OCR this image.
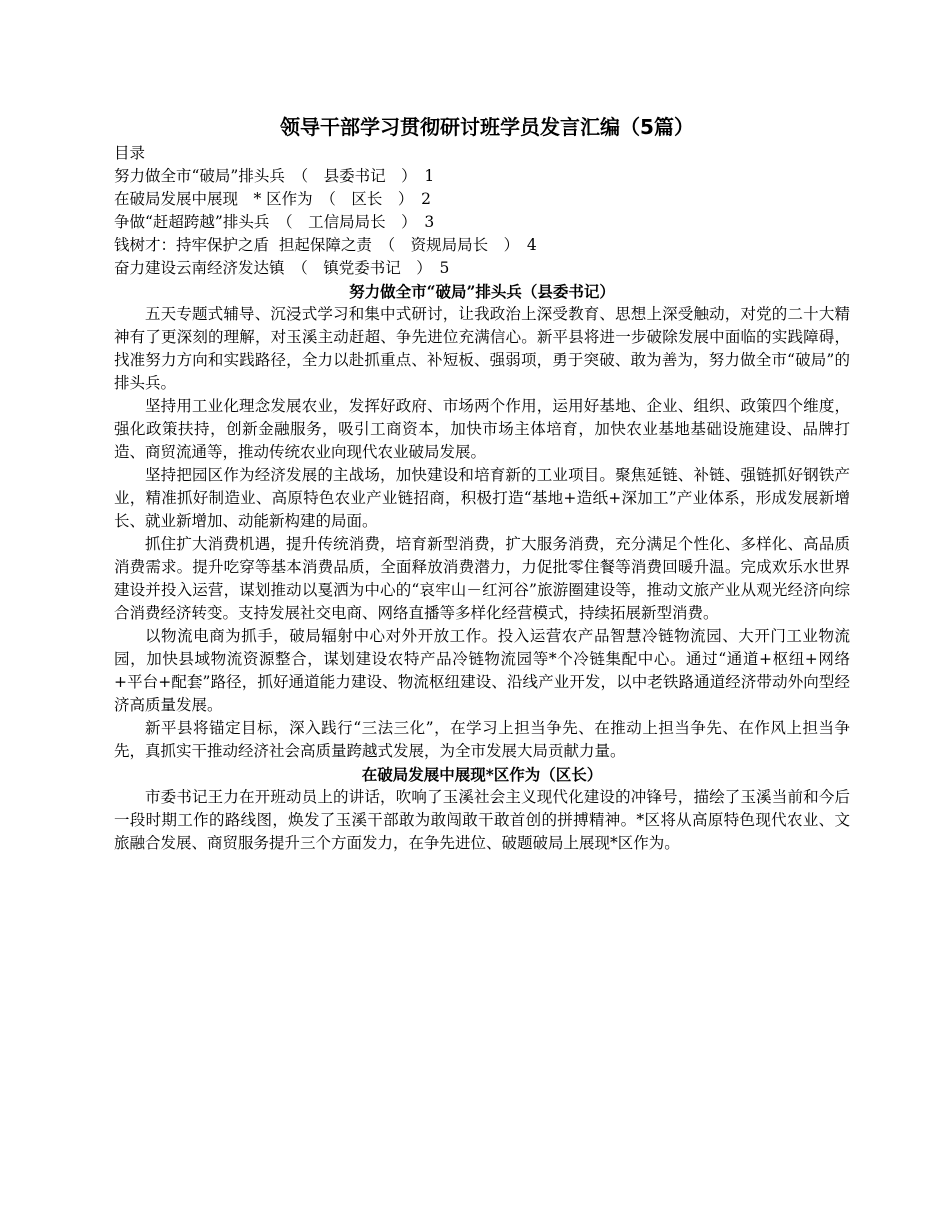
领导干部学习贯彻研讨班学员发言汇编（5篇）

目录

努力做全市“破局”排头兵　（　县委书记　）　1

在破局发展中展现　* 区作为　（　区长　）　2

争做“赶超跨越”排头兵　（　工信局局长　）　3

钱树才：持牢保护之盾  担起保障之责　（　资规局局长　）　4

奋力建设云南经济发达镇　（　镇党委书记　）　5

努力做全市“破局”排头兵（县委书记）

五天专题式辅导、沉浸式学习和集中式研讨，让我政治上深受教育、思想上深受触动，对党的二十大精神有了更深刻的理解，对玉溪主动赶超、争先进位充满信心。新平县将进一步破除发展中面临的实践障碍，找准努力方向和实践路径，全力以赴抓重点、补短板、强弱项，勇于突破、敢为善为，努力做全市“破局”的排头兵。

坚持用工业化理念发展农业，发挥好政府、市场两个作用，运用好基地、企业、组织、政策四个维度，强化政策扶持，创新金融服务，吸引工商资本，加快市场主体培育，加快农业基地基础设施建设、品牌打造、商贸流通等，推动传统农业向现代农业破局发展。

坚持把园区作为经济发展的主战场，加快建设和培育新的工业项目。聚焦延链、补链、强链抓好钢铁产业，精准抓好制造业、高原特色农业产业链招商，积极打造“基地+造纸+深加工”产业体系，形成发展新增长、就业新增加、动能新构建的局面。

抓住扩大消费机遇，提升传统消费，培育新型消费，扩大服务消费，充分满足个性化、多样化、高品质消费需求。提升吃穿等基本消费品质，全面释放消费潜力，力促批零住餐等消费回暖升温。完成欢乐水世界建设并投入运营，谋划推动以戛洒为中心的“哀牢山－红河谷”旅游圈建设等，推动文旅产业从观光经济向综合消费经济转变。支持发展社交电商、网络直播等多样化经营模式，持续拓展新型消费。

以物流电商为抓手，破局辐射中心对外开放工作。投入运营农产品智慧冷链物流园、大开门工业物流园，加快县域物流资源整合，谋划建设农特产品冷链物流园等*个冷链集配中心。通过“通道+枢纽+网络+平台+配套”路径，抓好通道能力建设、物流枢纽建设、沿线产业开发，以中老铁路通道经济带动外向型经济高质量发展。

新平县将锚定目标，深入践行“三法三化”，在学习上担当争先、在推动上担当争先、在作风上担当争先，真抓实干推动经济社会高质量跨越式发展，为全市发展大局贡献力量。

在破局发展中展现*区作为（区长）

市委书记王力在开班动员上的讲话，吹响了玉溪社会主义现代化建设的冲锋号，描绘了玉溪当前和今后一段时期工作的路线图，焕发了玉溪干部敢为敢闯敢干敢首创的拼搏精神。*区将从高原特色现代农业、文旅融合发展、商贸服务提升三个方面发力，在争先进位、破题破局上展现*区作为。
